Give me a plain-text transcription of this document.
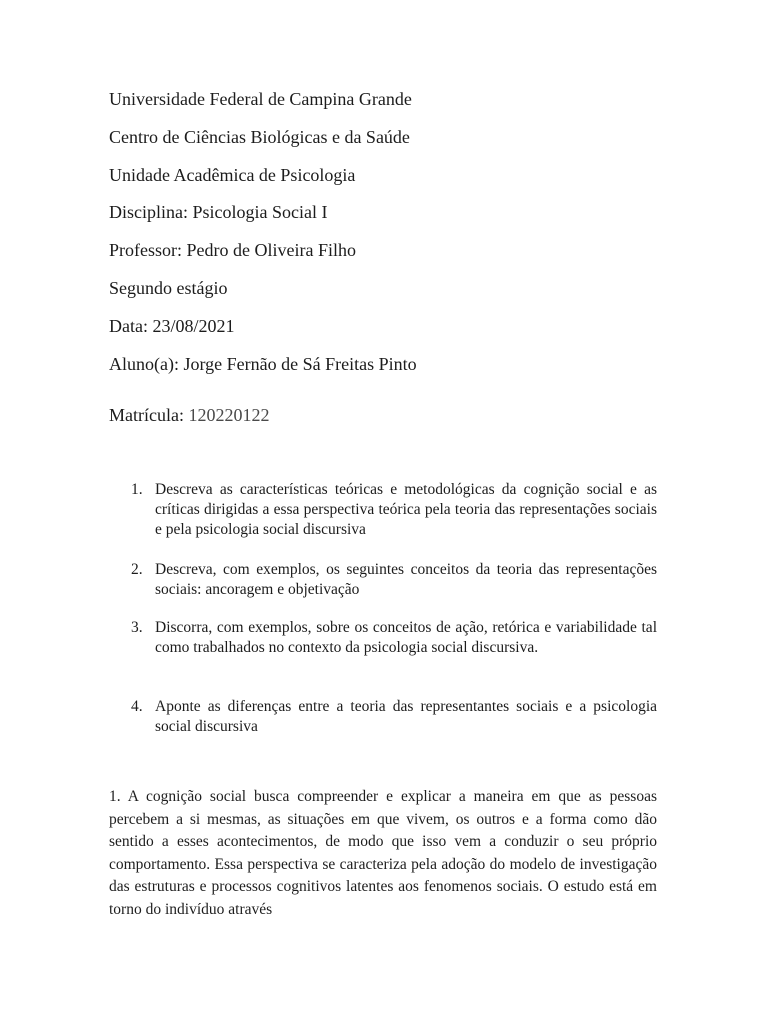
Universidade Federal de Campina Grande
Centro de Ciências Biológicas e da Saúde
Unidade Acadêmica de Psicologia
Disciplina: Psicologia Social I
Professor: Pedro de Oliveira Filho
Segundo estágio
Data: 23/08/2021
Aluno(a): Jorge Fernão de Sá Freitas Pinto
Matrícula: 120220122
1. Descreva as características teóricas e metodológicas da cognição social e as críticas dirigidas a essa perspectiva teórica pela teoria das representações sociais e pela psicologia social discursiva
2. Descreva, com exemplos, os seguintes conceitos da teoria das representações sociais: ancoragem e objetivação
3. Discorra, com exemplos, sobre os conceitos de ação, retórica e variabilidade tal como trabalhados no contexto da psicologia social discursiva.
4. Aponte as diferenças entre a teoria das representantes sociais e a psicologia social discursiva
1. A cognição social busca compreender e explicar a maneira em que as pessoas percebem a si mesmas, as situações em que vivem, os outros e a forma como dão sentido a esses acontecimentos, de modo que isso vem a conduzir o seu próprio comportamento. Essa perspectiva se caracteriza pela adoção do modelo de investigação das estruturas e processos cognitivos latentes aos fenomenos sociais. O estudo está em torno do indivíduo através
